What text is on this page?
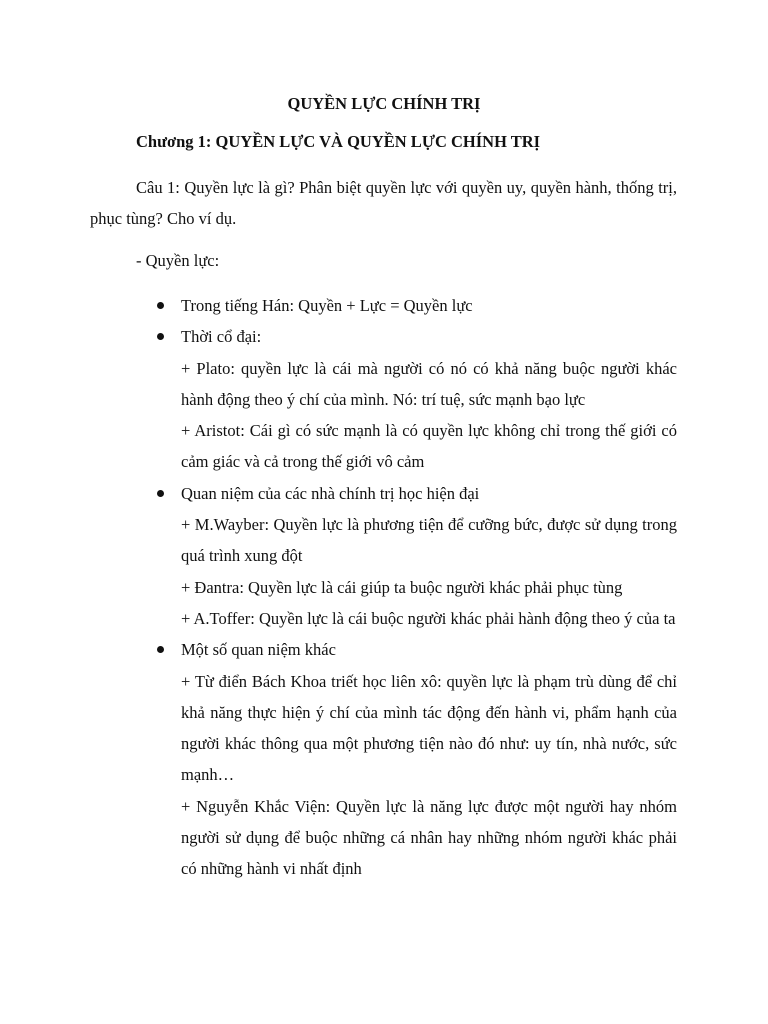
QUYỀN LỰC CHÍNH TRỊ
Chương 1: QUYỀN LỰC VÀ QUYỀN LỰC CHÍNH TRỊ
Câu 1: Quyền lực là gì? Phân biệt quyền lực với quyền uy, quyền hành, thống trị, phục tùng? Cho ví dụ.
- Quyền lực:
Trong tiếng Hán: Quyền + Lực = Quyền lực
Thời cổ đại:
+ Plato: quyền lực là cái mà người có nó có khả năng buộc người khác hành động theo ý chí của mình. Nó: trí tuệ, sức mạnh bạo lực
+ Aristot: Cái gì có sức mạnh là có quyền lực không chỉ trong thế giới có cảm giác và cả trong thế giới vô cảm
Quan niệm của các nhà chính trị học hiện đại
+ M.Wayber: Quyền lực là phương tiện để cưỡng bức, được sử dụng trong quá trình xung đột
+ Đantra: Quyền lực là cái giúp ta buộc người khác phải phục tùng
+ A.Toffer: Quyền lực là cái buộc người khác phải hành động theo ý của ta
Một số quan niệm khác
+ Từ điển Bách Khoa triết học liên xô: quyền lực là phạm trù dùng để chỉ khả năng thực hiện ý chí của mình tác động đến hành vi, phẩm hạnh của người khác thông qua một phương tiện nào đó như: uy tín, nhà nước, sức mạnh…
+ Nguyễn Khắc Viện: Quyền lực là năng lực được một người hay nhóm người sử dụng để buộc những cá nhân hay những nhóm người khác phải có những hành vi nhất định
